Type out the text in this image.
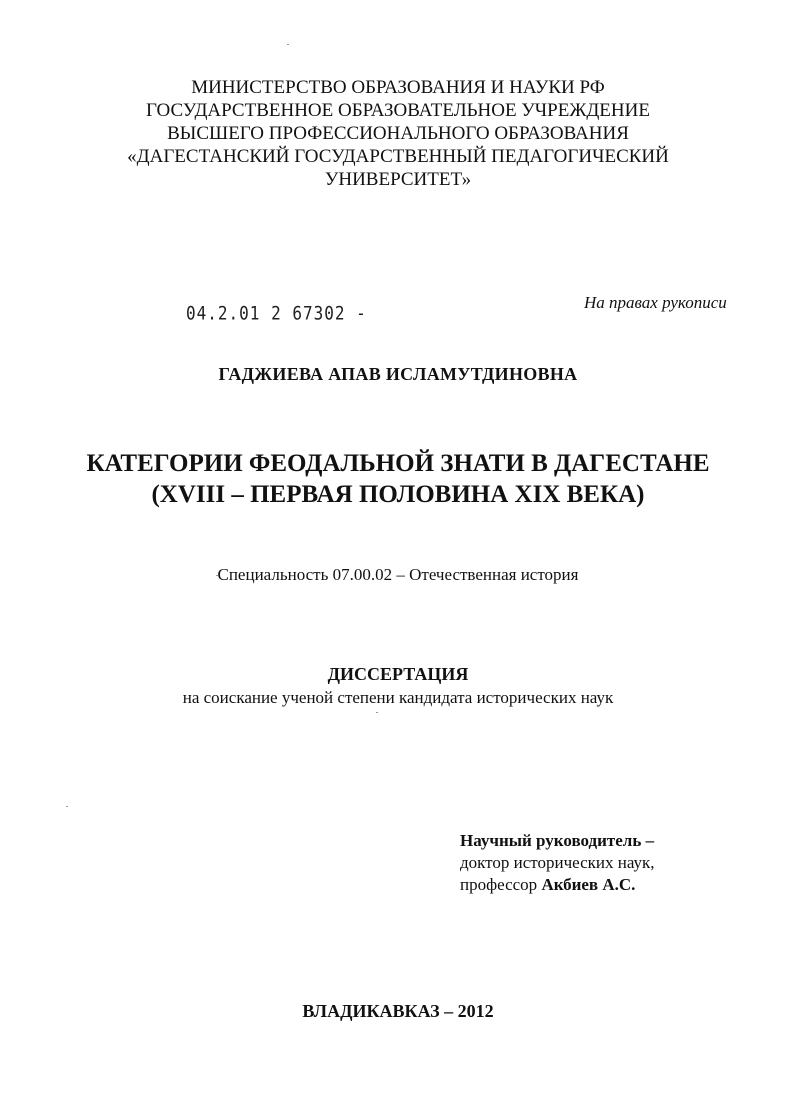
МИНИСТЕРСТВО ОБРАЗОВАНИЯ И НАУКИ РФ
ГОСУДАРСТВЕННОЕ ОБРАЗОВАТЕЛЬНОЕ УЧРЕЖДЕНИЕ
ВЫСШЕГО ПРОФЕССИОНАЛЬНОГО ОБРАЗОВАНИЯ
«ДАГЕСТАНСКИЙ ГОСУДАРСТВЕННЫЙ ПЕДАГОГИЧЕСКИЙ
УНИВЕРСИТЕТ»
04.2.01 2 67302 -	На правах рукописи
ГАДЖИЕВА АПАВ ИСЛАМУТДИНОВНА
КАТЕГОРИИ ФЕОДАЛЬНОЙ ЗНАТИ В ДАГЕСТАНЕ
(XVIII – ПЕРВАЯ ПОЛОВИНА XIX ВЕКА)
Специальность 07.00.02 – Отечественная история
ДИССЕРТАЦИЯ
на соискание ученой степени кандидата исторических наук
Научный руководитель –
доктор исторических наук,
профессор Акбиев А.С.
ВЛАДИКАВКАЗ – 2012
